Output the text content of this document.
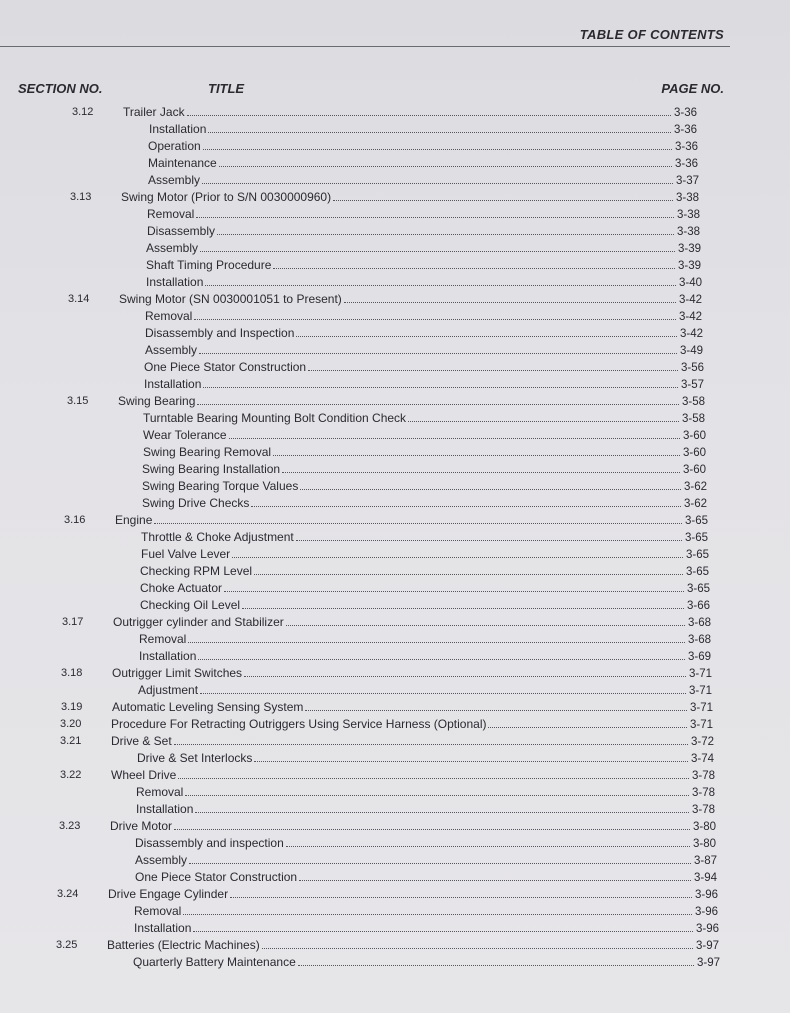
TABLE OF CONTENTS
SECTION NO.	TITLE	PAGE NO.
3.12	Trailer Jack	3-36
Installation	3-36
Operation	3-36
Maintenance	3-36
Assembly	3-37
3.13	Swing Motor (Prior to S/N 0030000960)	3-38
Removal	3-38
Disassembly	3-38
Assembly	3-39
Shaft Timing Procedure	3-39
Installation	3-40
3.14	Swing Motor (SN 0030001051 to Present)	3-42
Removal	3-42
Disassembly and Inspection	3-42
Assembly	3-49
One Piece Stator Construction	3-56
Installation	3-57
3.15	Swing Bearing	3-58
Turntable Bearing Mounting Bolt Condition Check	3-58
Wear Tolerance	3-60
Swing Bearing Removal	3-60
Swing Bearing Installation	3-60
Swing Bearing Torque Values	3-62
Swing Drive Checks	3-62
3.16	Engine	3-65
Throttle & Choke Adjustment	3-65
Fuel Valve Lever	3-65
Checking RPM Level	3-65
Choke Actuator	3-65
Checking Oil Level	3-66
3.17	Outrigger cylinder and Stabilizer	3-68
Removal	3-68
Installation	3-69
3.18	Outrigger Limit Switches	3-71
Adjustment	3-71
3.19	Automatic Leveling Sensing System	3-71
3.20	Procedure For Retracting Outriggers Using Service Harness (Optional)	3-71
3.21	Drive & Set	3-72
Drive & Set Interlocks	3-74
3.22	Wheel Drive	3-78
Removal	3-78
Installation	3-78
3.23	Drive Motor	3-80
Disassembly and inspection	3-80
Assembly	3-87
One Piece Stator Construction	3-94
3.24	Drive Engage Cylinder	3-96
Removal	3-96
Installation	3-96
3.25	Batteries (Electric Machines)	3-97
Quarterly Battery Maintenance	3-97
